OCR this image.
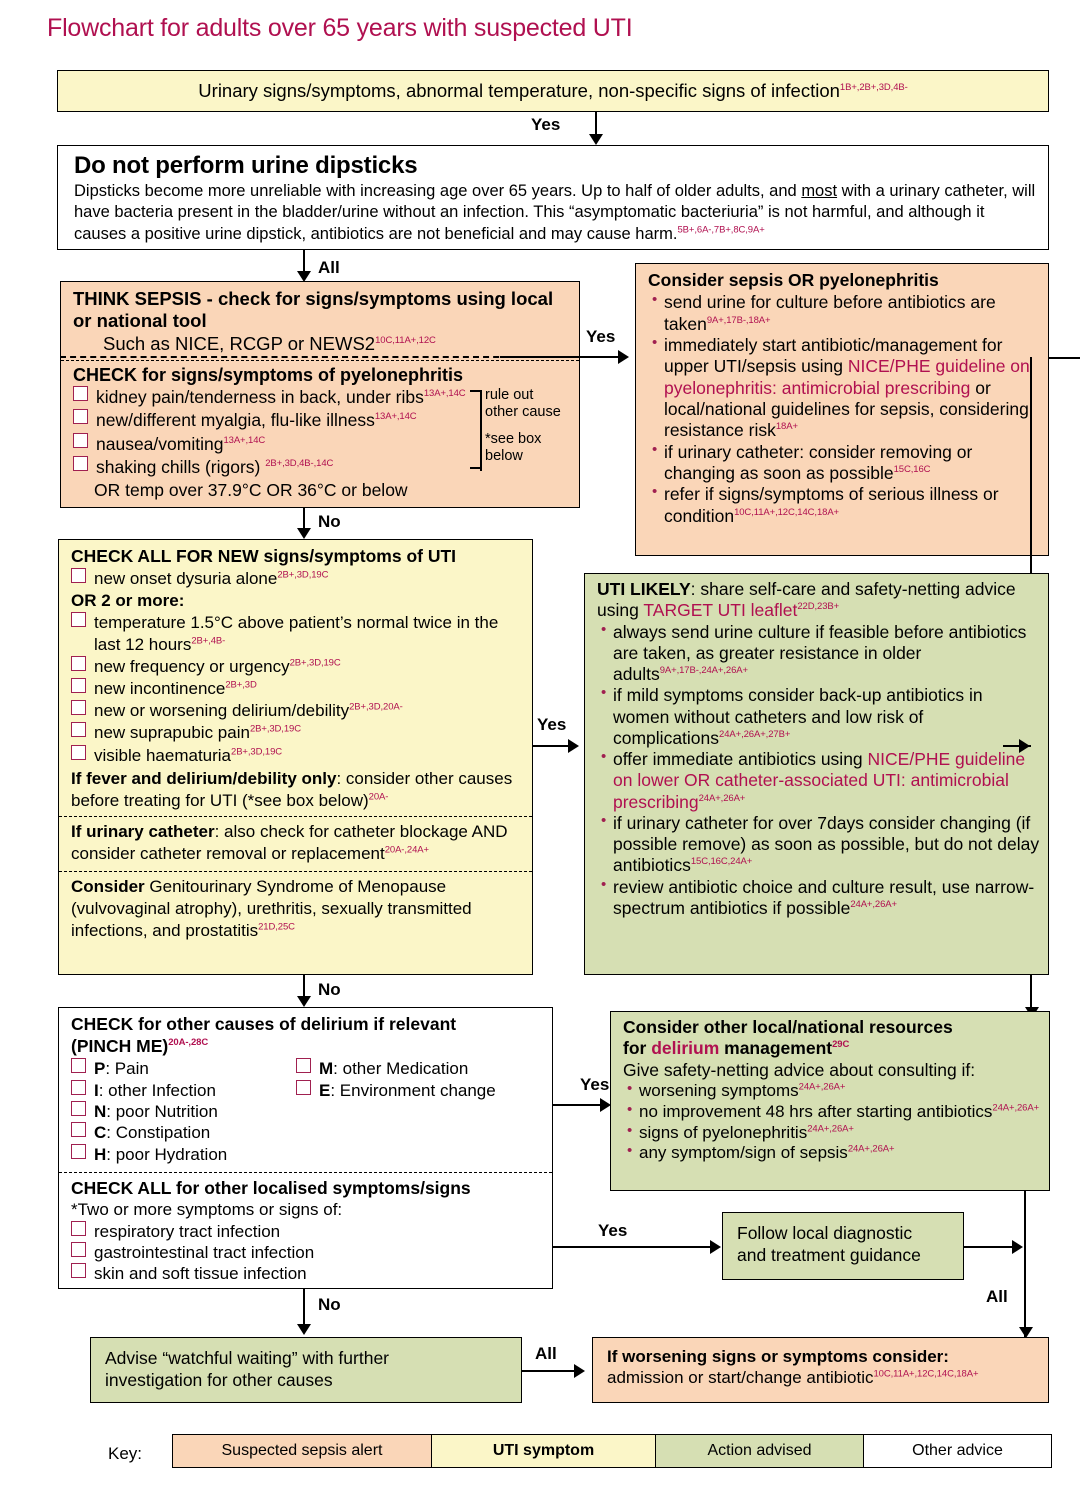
Flowchart for adults over 65 years with suspected UTI
Urinary signs/symptoms, abnormal temperature, non-specific signs of infection$^{1B+,2B+,3D,4B-}$
Yes
Do not perform urine dipsticks
Dipsticks become more unreliable with increasing age over 65 years. Up to half of older adults, and most with a urinary catheter, will have bacteria present in the bladder/urine without an infection. This “asymptomatic bacteriuria” is not harmful, and although it causes a positive urine dipstick, antibiotics are not beneficial and may cause harm.$^{5B+,6A-,7B+,8C,9A+}$
All
THINK SEPSIS - check for signs/symptoms using local or national tool
Such as NICE, RCGP or $NEWS2^{10C,11A+,12C}$
CHECK for signs/symptoms of pyelonephritis
kidney pain/tenderness in back, under ribs$^{13A+,14C}$
new/different myalgia, flu-like illness$^{13A+,14C}$
nausea/vomiting$^{13A+,14C}$
shaking chills (rigors) $^{2B+,3D,4B-,14C}$
OR temp over 37.9°C OR 36°C or below
rule out
other cause
*see box
below
Yes
Consider sepsis OR pyelonephritis
• send urine for culture before antibiotics are taken$^{9A+,17B-,18A+}$
• immediately start antibiotic/management for upper UTI/sepsis using NICE/PHE guideline on pyelonephritis: antimicrobial prescribing or local/national guidelines for sepsis, considering resistance risk$^{18A+}$
• if urinary catheter: consider removing or changing as soon as possible$^{15C,16C}$
• refer if signs/symptoms of serious illness or condition$^{10C,11A+,12C,14C,18A+}$
No
CHECK ALL FOR NEW signs/symptoms of UTI
new onset dysuria alone$^{2B+,3D,19C}$
OR 2 or more:
temperature 1.5°C above patient’s normal twice in the last 12 hours$^{2B+,4B-}$
new frequency or urgency$^{2B+,3D,19C}$
new incontinence$^{2B+,3D}$
new or worsening delirium/debility$^{2B+,3D,20A-}$
new suprapubic pain$^{2B+,3D,19C}$
visible haematuria$^{2B+,3D,19C}$
If fever and delirium/debility only: consider other causes before treating for UTI (*see box below)$^{20A-}$
If urinary catheter: also check for catheter blockage AND consider catheter removal or replacement$^{20A-,24A+}$
Consider Genitourinary Syndrome of Menopause (vulvovaginal atrophy), urethritis, sexually transmitted infections, and prostatitis$^{21D,25C}$
Yes
UTI LIKELY: share self-care and safety-netting advice using TARGET UTI leaflet$^{22D,23B+}$
• always send urine culture if feasible before antibiotics are taken, as greater resistance in older adults$^{9A+,17B-,24A+,26A+}$
• if mild symptoms consider back-up antibiotics in women without catheters and low risk of complications$^{24A+,26A+,27B+}$
• offer immediate antibiotics using NICE/PHE guideline on lower OR catheter-associated UTI: antimicrobial prescribing$^{24A+,26A+}$
• if urinary catheter for over 7days consider changing (if possible remove) as soon as possible, but do not delay antibiotics$^{15C,16C,24A+}$
• review antibiotic choice and culture result, use narrow-spectrum antibiotics if possible$^{24A+,26A+}$
No
CHECK for other causes of delirium if relevant
(PINCH ME)$^{20A-,28C}$
P: Pain
I: other Infection
N: poor Nutrition
C: Constipation
H: poor Hydration
M: other Medication
E: Environment change
CHECK ALL for other localised symptoms/signs
*Two or more symptoms or signs of:
respiratory tract infection
gastrointestinal tract infection
skin and soft tissue infection
Yes
Consider other local/national resources
for delirium management$^{29C}$
Give safety-netting advice about consulting if:
• worsening symptoms$^{24A+,26A+}$
• no improvement 48 hrs after starting antibiotics$^{24A+,26A+}$
• signs of pyelonephritis$^{24A+,26A+}$
• any symptom/sign of sepsis$^{24A+,26A+}$
All
Yes	Follow local diagnostic
and treatment guidance
No
Advise “watchful waiting” with further
investigation for other causes
All	If worsening signs or symptoms consider:
admission or start/change antibiotic$^{10C,11A+,12C,14C,18A+}$
Key:	Suspected sepsis alert	UTI symptom	Action advised	Other advice
